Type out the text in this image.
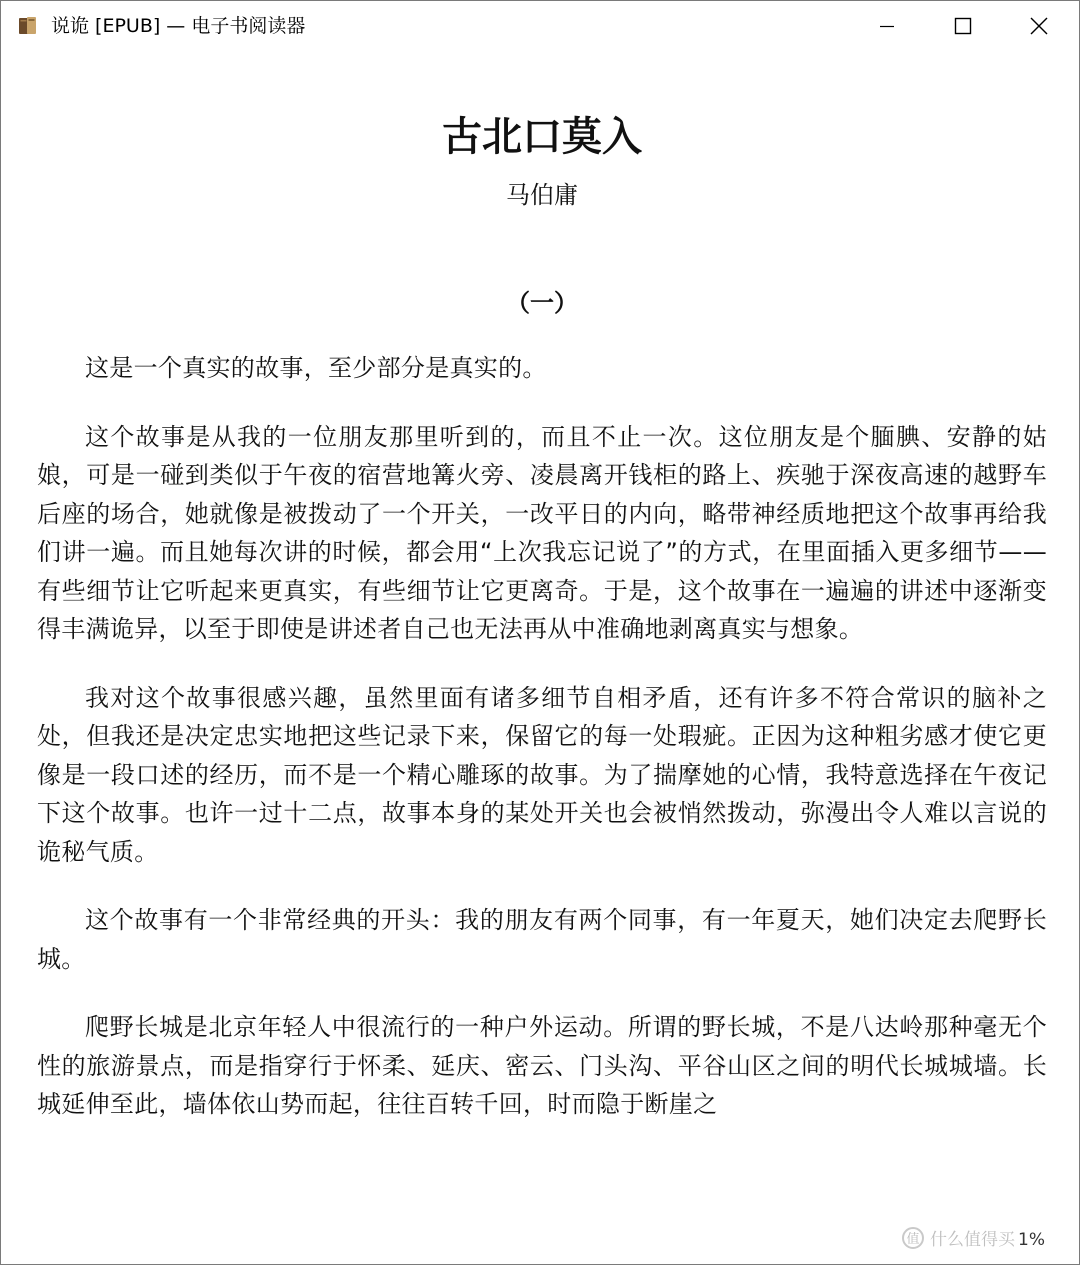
说诡 [EPUB] — 电子书阅读器
古北口莫入
马伯庸
（一）

这是一个真实的故事，至少部分是真实的。

这个故事是从我的一位朋友那里听到的，而且不止一次。这位朋友是个腼腆、安静的姑娘，可是一碰到类似于午夜的宿营地篝火旁、凌晨离开钱柜的路上、疾驰于深夜高速的越野车后座的场合，她就像是被拨动了一个开关，一改平日的内向，略带神经质地把这个故事再给我们讲一遍。而且她每次讲的时候，都会用“上次我忘记说了”的方式，在里面插入更多细节——有些细节让它听起来更真实，有些细节让它更离奇。于是，这个故事在一遍遍的讲述中逐渐变得丰满诡异，以至于即使是讲述者自己也无法再从中准确地剥离真实与想象。

我对这个故事很感兴趣，虽然里面有诸多细节自相矛盾，还有许多不符合常识的脑补之处，但我还是决定忠实地把这些记录下来，保留它的每一处瑕疵。正因为这种粗劣感才使它更像是一段口述的经历，而不是一个精心雕琢的故事。为了揣摩她的心情，我特意选择在午夜记下这个故事。也许一过十二点，故事本身的某处开关也会被悄然拨动，弥漫出令人难以言说的诡秘气质。

这个故事有一个非常经典的开头：我的朋友有两个同事，有一年夏天，她们决定去爬野长城。

爬野长城是北京年轻人中很流行的一种户外运动。所谓的野长城，不是八达岭那种毫无个性的旅游景点，而是指穿行于怀柔、延庆、密云、门头沟、平谷山区之间的明代长城城墙。长城延伸至此，墙体依山势而起，往往百转千回，时而隐于断崖之

值 什么值得买 1%
